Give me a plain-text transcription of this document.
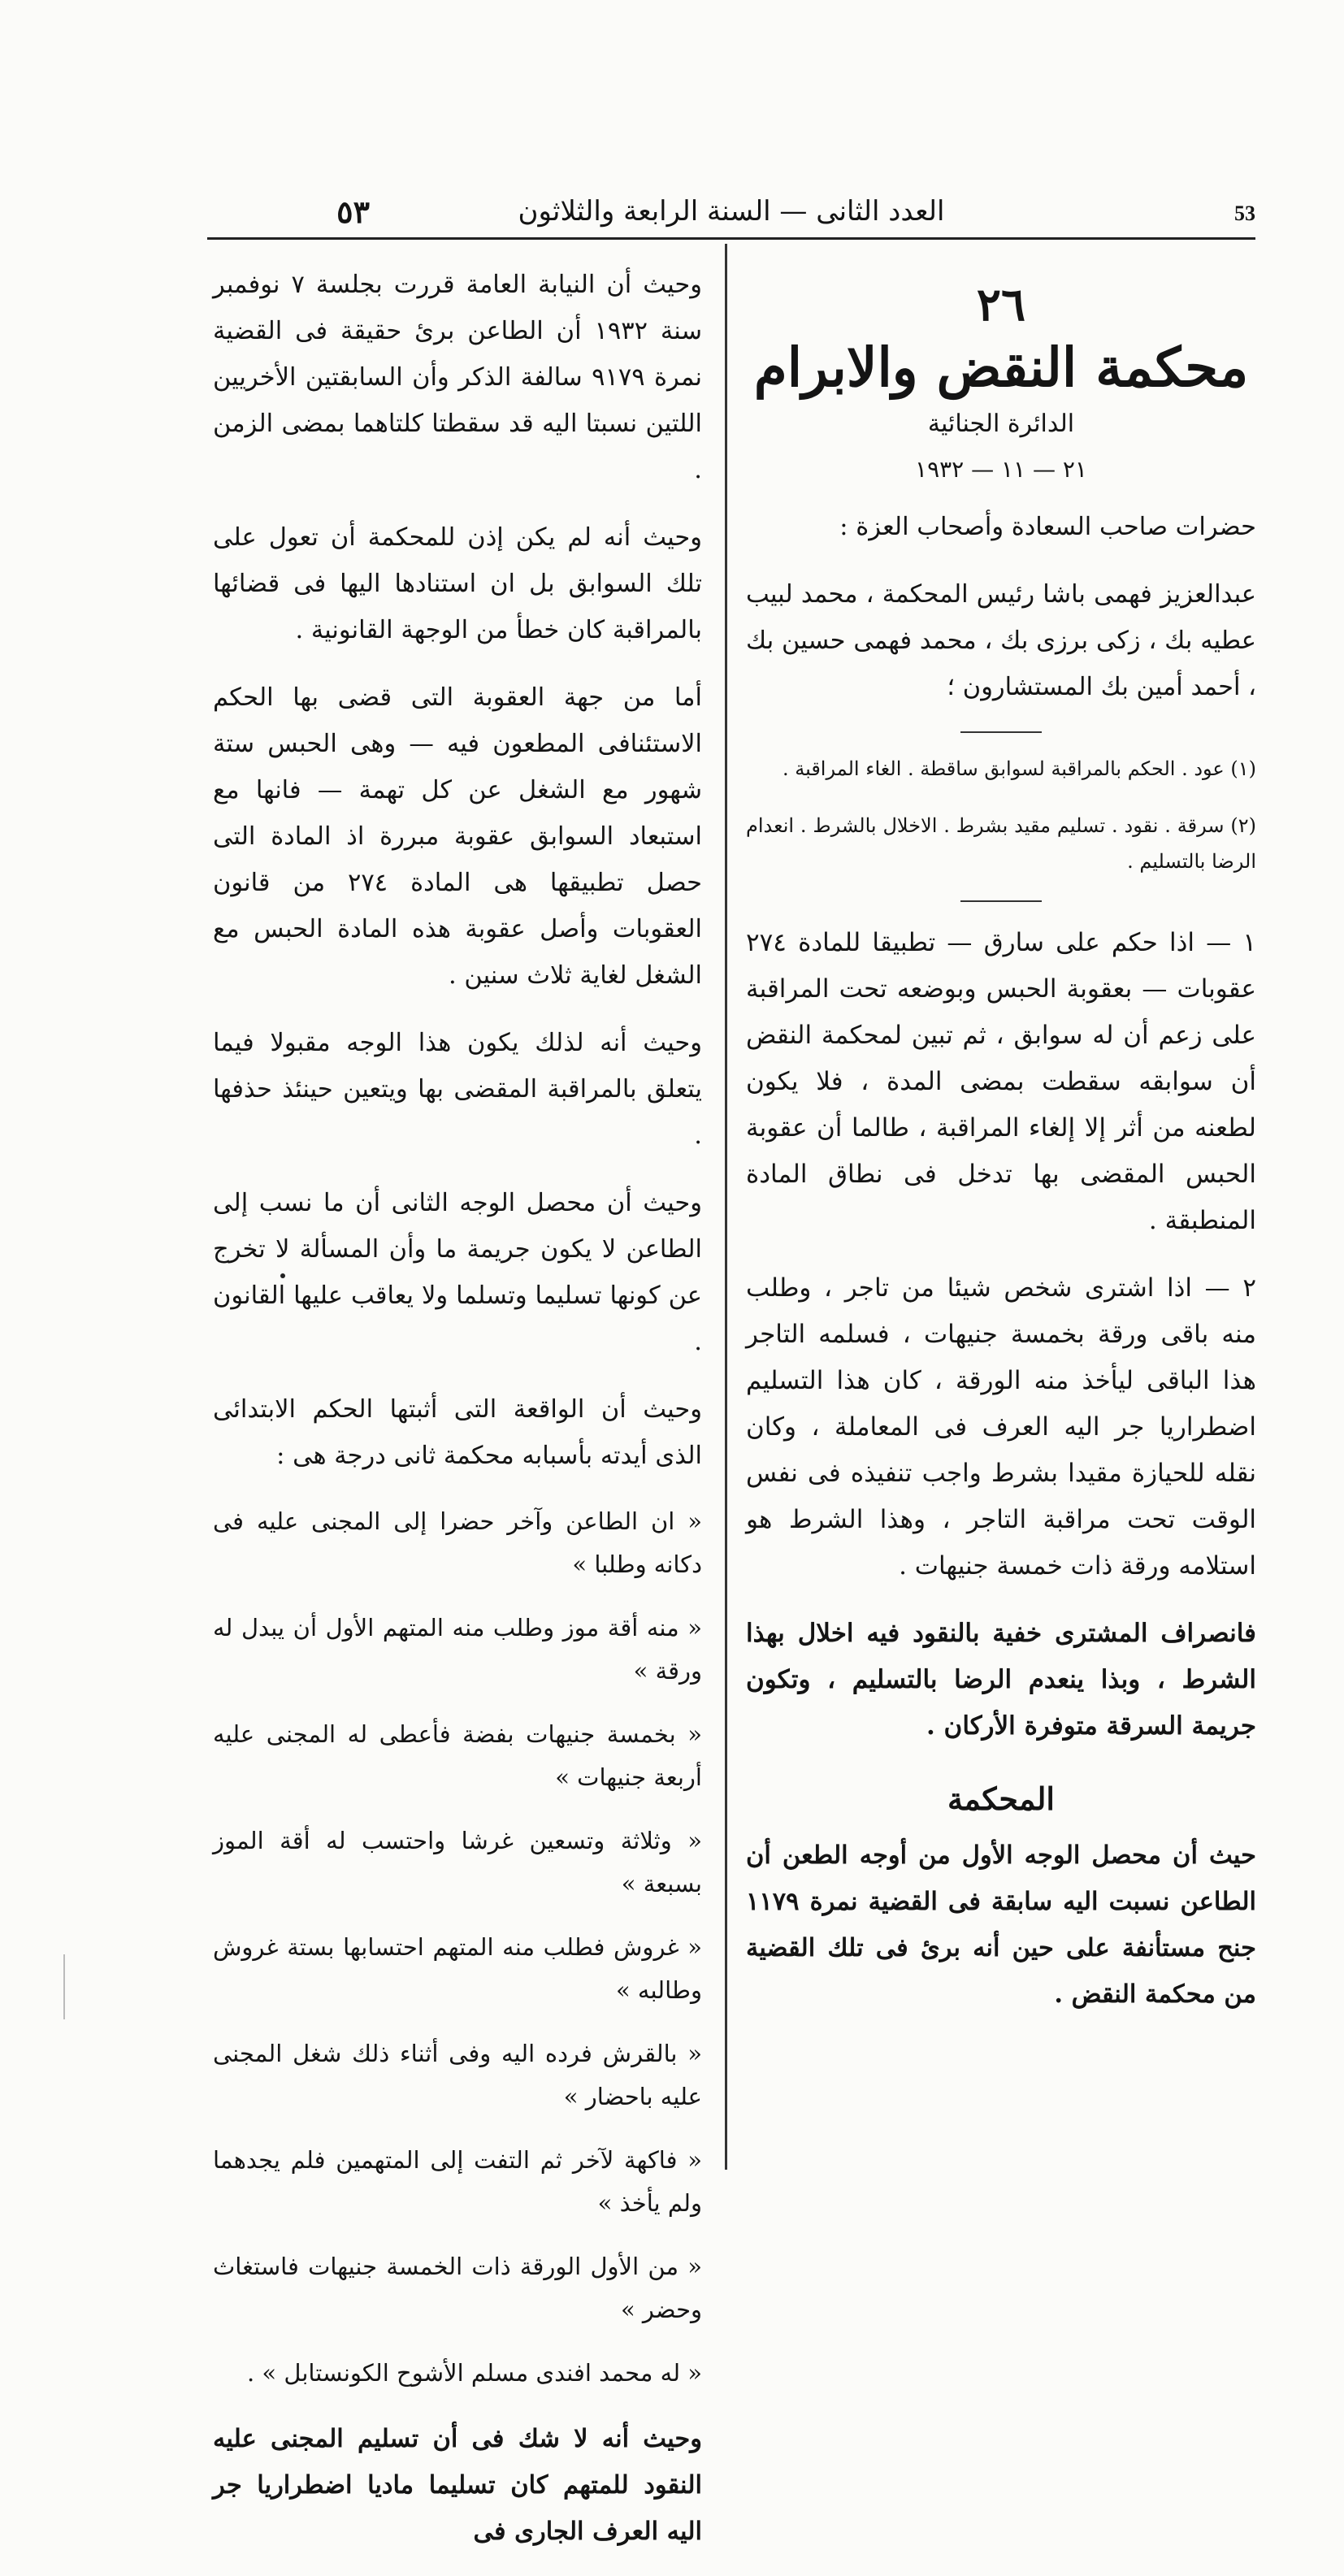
٥٣	العدد الثانى — السنة الرابعة والثلاثون	53
٢٦
محكمة النقض والابرام
الدائرة الجنائية
٢١ — ١١ — ١٩٣٢

حضرات صاحب السعادة وأصحاب العزة :

عبدالعزيز فهمى باشا رئيس المحكمة ، محمد لبيب عطيه بك ، زكى برزى بك ، محمد فهمى حسين بك ، أحمد أمين بك المستشارون ؛

(١) عود . الحكم بالمراقبة لسوابق ساقطة . الغاء المراقبة .

(٢) سرقة . نقود . تسليم مقيد بشرط . الاخلال بالشرط . انعدام الرضا بالتسليم .

١ — اذا حكم على سارق — تطبيقا للمادة ٢٧٤ عقوبات — بعقوبة الحبس وبوضعه تحت المراقبة على زعم أن له سوابق ، ثم تبين لمحكمة النقض أن سوابقه سقطت بمضى المدة ، فلا يكون لطعنه من أثر إلا إلغاء المراقبة ، طالما أن عقوبة الحبس المقضى بها تدخل فى نطاق المادة المنطبقة .

٢ — اذا اشترى شخص شيئا من تاجر ، وطلب منه باقى ورقة بخمسة جنيهات ، فسلمه التاجر هذا الباقى ليأخذ منه الورقة ، كان هذا التسليم اضطراريا جر اليه العرف فى المعاملة ، وكان نقله للحيازة مقيدا بشرط واجب تنفيذه فى نفس الوقت تحت مراقبة التاجر ، وهذا الشرط هو استلامه ورقة ذات خمسة جنيهات .

فانصراف المشترى خفية بالنقود فيه اخلال بهذا الشرط ، وبذا ينعدم الرضا بالتسليم ، وتكون جريمة السرقة متوفرة الأركان .

المحكمة

حيث أن محصل الوجه الأول من أوجه الطعن أن الطاعن نسبت اليه سابقة فى القضية نمرة ١١٧٩ جنح مستأنفة على حين أنه برئ فى تلك القضية من محكمة النقض .

وحيث أن النيابة العامة قررت بجلسة ٧ نوفمبر سنة ١٩٣٢ أن الطاعن برئ حقيقة فى القضية نمرة ٩١٧٩ سالفة الذكر وأن السابقتين الأخريين اللتين نسبتا اليه قد سقطتا كلتاهما بمضى الزمن .

وحيث أنه لم يكن إذن للمحكمة أن تعول على تلك السوابق بل ان استنادها اليها فى قضائها بالمراقبة كان خطأ من الوجهة القانونية .

أما من جهة العقوبة التى قضى بها الحكم الاستئنافى المطعون فيه — وهى الحبس ستة شهور مع الشغل عن كل تهمة — فانها مع استبعاد السوابق عقوبة مبررة اذ المادة التى حصل تطبيقها هى المادة ٢٧٤ من قانون العقوبات وأصل عقوبة هذه المادة الحبس مع الشغل لغاية ثلاث سنين .

وحيث أنه لذلك يكون هذا الوجه مقبولا فيما يتعلق بالمراقبة المقضى بها ويتعين حينئذ حذفها .

وحيث أن محصل الوجه الثانى أن ما نسب إلى الطاعن لا يكون جريمة ما وأن المسألة لا تخرج عن كونها تسليما وتسلما ولا يعاقب عليها القانون .

وحيث أن الواقعة التى أثبتها الحكم الابتدائى الذى أيدته بأسبابه محكمة ثانى درجة هى :

« ان الطاعن وآخر حضرا إلى المجنى عليه فى دكانه وطلبا »

« منه أقة موز وطلب منه المتهم الأول أن يبدل له ورقة »

« بخمسة جنيهات بفضة فأعطى له المجنى عليه أربعة جنيهات »

« وثلاثة وتسعين غرشا واحتسب له أقة الموز بسبعة »

« غروش فطلب منه المتهم احتسابها بستة غروش وطالبه »

« بالقرش فرده اليه وفى أثناء ذلك شغل المجنى عليه باحضار »

« فاكهة لآخر ثم التفت إلى المتهمين فلم يجدهما ولم يأخذ »

« من الأول الورقة ذات الخمسة جنيهات فاستغاث وحضر »

« له محمد افندى مسلم الأشوح الكونستابل » .

وحيث أنه لا شك فى أن تسليم المجنى عليه النقود للمتهم كان تسليما ماديا اضطراريا جر اليه العرف الجارى فى
